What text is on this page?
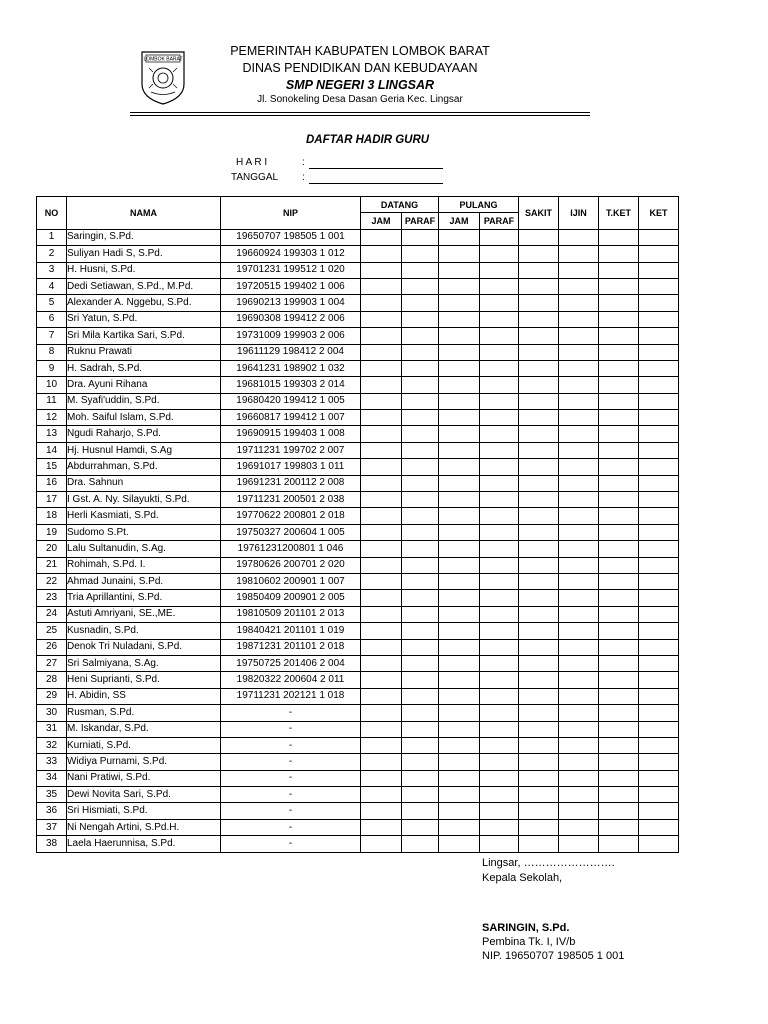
LOMBOK BARAT
PEMERINTAH KABUPATEN LOMBOK BARAT
DINAS PENDIDIKAN DAN KEBUDAYAAN
SMP NEGERI 3 LINGSAR
Jl. Sonokeling Desa Dasan Geria Kec. Lingsar
DAFTAR HADIR GURU
H A R I	:
TANGGAL :
NO	NAMA	NIP	DATANG		PULANG		SAKIT	IJIN	T.KET	KET
			JAM	PARAF	JAM	PARAF				
1	Saringin, S.Pd.	19650707 198505 1 001								
2	Suliyan Hadi S, S.Pd.	19660924 199303 1 012								
3	H. Husni, S.Pd.	19701231 199512 1 020								
4	Dedi Setiawan, S.Pd., M.Pd.	19720515 199402 1 006								
5	Alexander A. Nggebu, S.Pd.	19690213 199903 1 004								
6	Sri Yatun, S.Pd.	19690308 199412 2 006								
7	Sri Mila Kartika Sari, S.Pd.	19731009 199903 2 006								
8	Ruknu Prawati	19611129 198412 2 004								
9	H. Sadrah, S.Pd.	19641231 198902 1 032								
10	Dra. Ayuni Rihana	19681015 199303 2 014								
11	M. Syafi'uddin, S.Pd.	19680420 199412 1 005								
12	Moh. Saiful Islam, S.Pd.	19660817 199412 1 007								
13	Ngudi Raharjo, S.Pd.	19690915 199403 1 008								
14	Hj. Husnul Hamdi, S.Ag	19711231 199702 2 007								
15	Abdurrahman, S.Pd.	19691017 199803 1 011								
16	Dra. Sahnun	19691231 200112 2 008								
17	I Gst. A. Ny. Silayukti, S.Pd.	19711231 200501 2 038								
18	Herli Kasmiati, S.Pd.	19770622 200801 2 018								
19	Sudomo S.Pt.	19750327 200604 1 005								
20	Lalu Sultanudin, S.Ag.	19761231200801 1 046								
21	Rohimah, S.Pd. I.	19780626 200701 2 020								
22	Ahmad Junaini, S.Pd.	19810602 200901 1 007								
23	Tria Aprillantini, S.Pd.	19850409 200901 2 005								
24	Astuti Amriyani, SE.,ME.	19810509 201101 2 013								
25	Kusnadin, S.Pd.	19840421 201101 1 019								
26	Denok Tri Nuladani, S.Pd.	19871231 201101 2 018								
27	Sri Salmiyana, S.Ag.	19750725 201406 2 004								
28	Heni Suprianti, S.Pd.	19820322 200604 2 011								
29	H. Abidin, SS	19711231 202121 1 018								
30	Rusman, S.Pd.	-								
31	M. Iskandar, S.Pd.	-								
32	Kurniati, S.Pd.	-								
33	Widiya Purnami, S.Pd.	-								
34	Nani Pratiwi, S.Pd.	-								
35	Dewi Novita Sari, S.Pd.	-								
36	Sri Hismiati, S.Pd.	-								
37	Ni Nengah Artini, S.Pd.H.	-								
38	Laela Haerunnisa, S.Pd.	-								
Lingsar, …………………….
Kepala Sekolah,
SARINGIN, S.Pd.
Pembina Tk. I, IV/b
NIP. 19650707 198505 1 001
